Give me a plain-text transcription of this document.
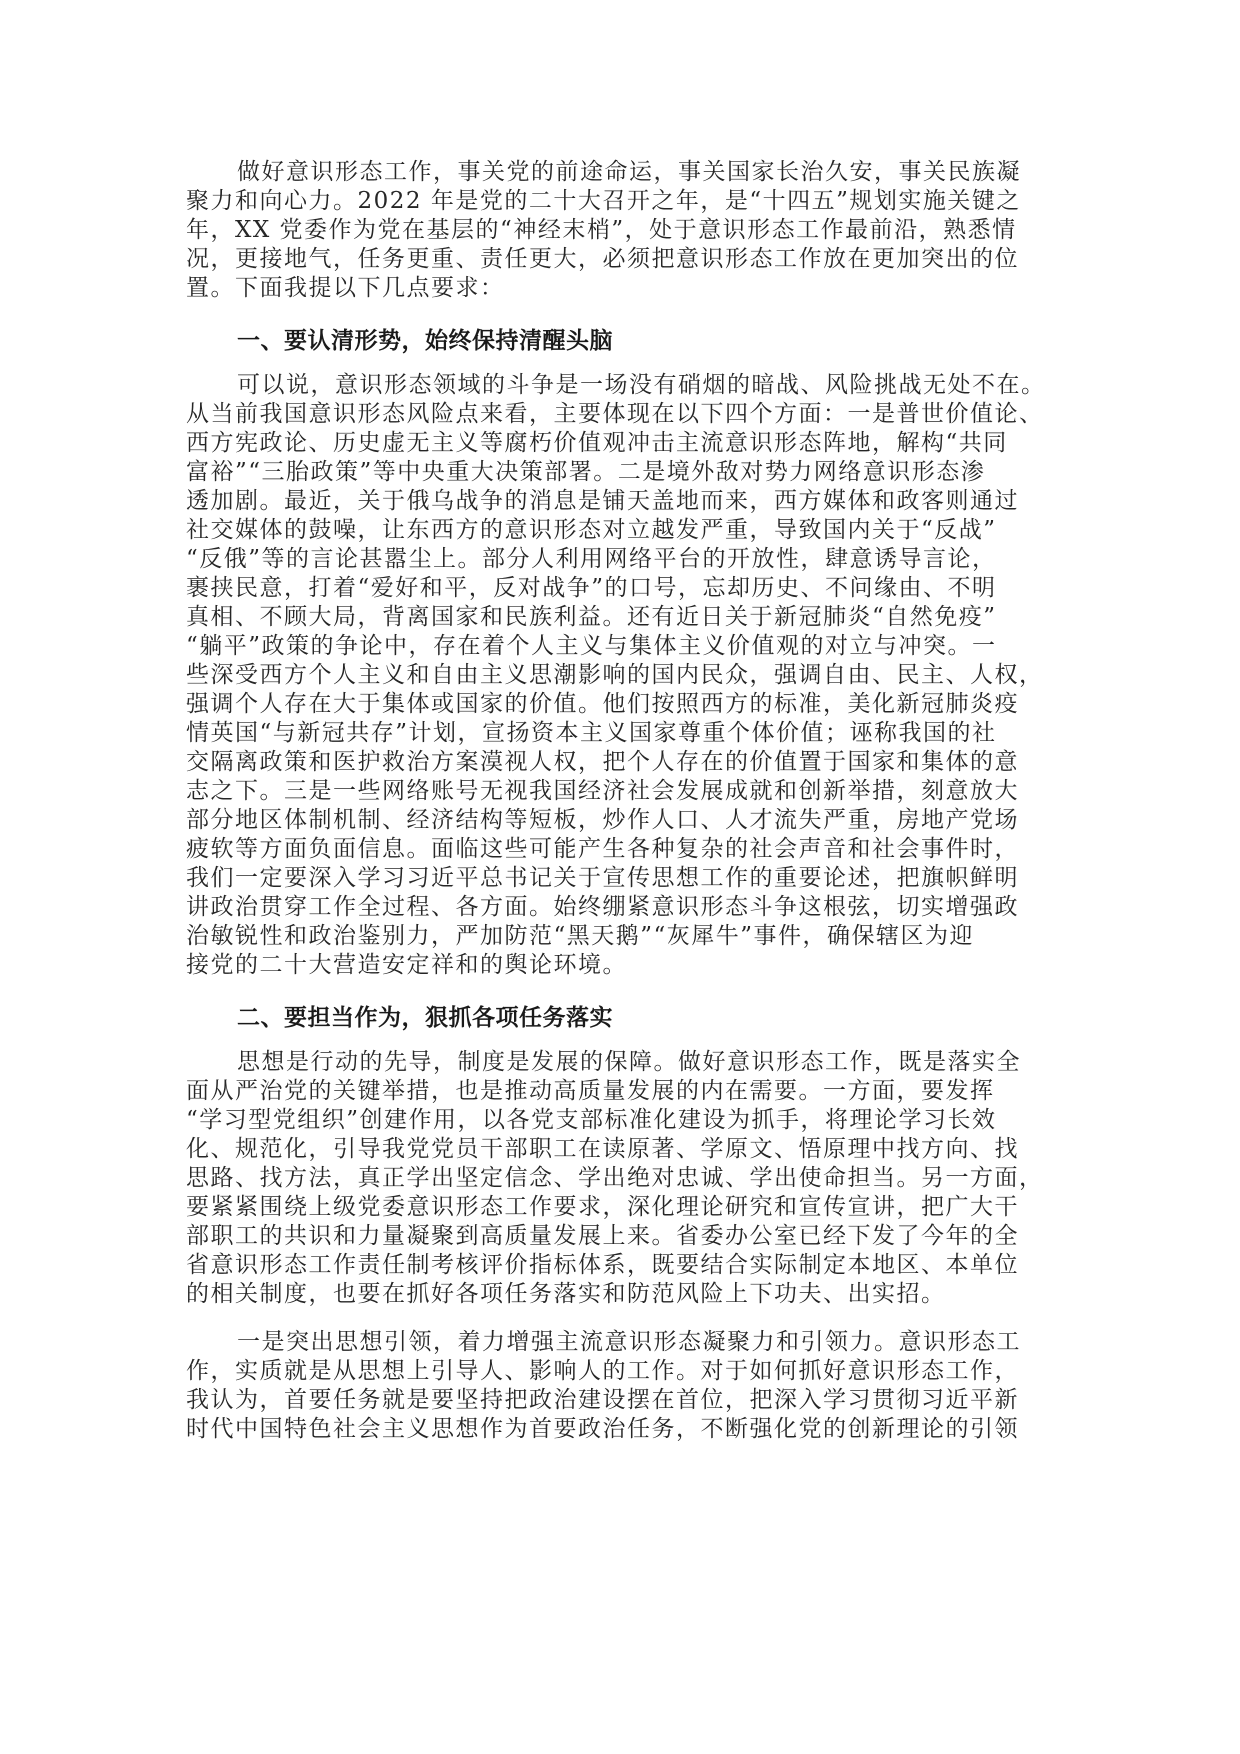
做好意识形态工作，事关党的前途命运，事关国家长治久安，事关民族凝
聚力和向心力。2022 年是党的二十大召开之年，是“十四五”规划实施关键之
年，XX 党委作为党在基层的“神经末梢”，处于意识形态工作最前沿，熟悉情
况，更接地气，任务更重、责任更大，必须把意识形态工作放在更加突出的位
置。下面我提以下几点要求：
一、要认清形势，始终保持清醒头脑
可以说，意识形态领域的斗争是一场没有硝烟的暗战、风险挑战无处不在。
从当前我国意识形态风险点来看，主要体现在以下四个方面：一是普世价值论、
西方宪政论、历史虚无主义等腐朽价值观冲击主流意识形态阵地，解构“共同
富裕”“三胎政策”等中央重大决策部署。二是境外敌对势力网络意识形态渗
透加剧。最近，关于俄乌战争的消息是铺天盖地而来，西方媒体和政客则通过
社交媒体的鼓噪，让东西方的意识形态对立越发严重，导致国内关于“反战”
“反俄”等的言论甚嚣尘上。部分人利用网络平台的开放性，肆意诱导言论，
裹挟民意，打着“爱好和平，反对战争”的口号，忘却历史、不问缘由、不明
真相、不顾大局，背离国家和民族利益。还有近日关于新冠肺炎“自然免疫”
“躺平”政策的争论中，存在着个人主义与集体主义价值观的对立与冲突。一
些深受西方个人主义和自由主义思潮影响的国内民众，强调自由、民主、人权，
强调个人存在大于集体或国家的价值。他们按照西方的标准，美化新冠肺炎疫
情英国“与新冠共存”计划，宣扬资本主义国家尊重个体价值；诬称我国的社
交隔离政策和医护救治方案漠视人权，把个人存在的价值置于国家和集体的意
志之下。三是一些网络账号无视我国经济社会发展成就和创新举措，刻意放大
部分地区体制机制、经济结构等短板，炒作人口、人才流失严重，房地产党场
疲软等方面负面信息。面临这些可能产生各种复杂的社会声音和社会事件时，
我们一定要深入学习习近平总书记关于宣传思想工作的重要论述，把旗帜鲜明
讲政治贯穿工作全过程、各方面。始终绷紧意识形态斗争这根弦，切实增强政
治敏锐性和政治鉴别力，严加防范“黑天鹅”“灰犀牛”事件，确保辖区为迎
接党的二十大营造安定祥和的舆论环境。
二、要担当作为，狠抓各项任务落实
思想是行动的先导，制度是发展的保障。做好意识形态工作，既是落实全
面从严治党的关键举措，也是推动高质量发展的内在需要。一方面，要发挥
“学习型党组织”创建作用，以各党支部标准化建设为抓手，将理论学习长效
化、规范化，引导我党党员干部职工在读原著、学原文、悟原理中找方向、找
思路、找方法，真正学出坚定信念、学出绝对忠诚、学出使命担当。另一方面，
要紧紧围绕上级党委意识形态工作要求，深化理论研究和宣传宣讲，把广大干
部职工的共识和力量凝聚到高质量发展上来。省委办公室已经下发了今年的全
省意识形态工作责任制考核评价指标体系，既要结合实际制定本地区、本单位
的相关制度，也要在抓好各项任务落实和防范风险上下功夫、出实招。
一是突出思想引领，着力增强主流意识形态凝聚力和引领力。意识形态工
作，实质就是从思想上引导人、影响人的工作。对于如何抓好意识形态工作，
我认为，首要任务就是要坚持把政治建设摆在首位，把深入学习贯彻习近平新
时代中国特色社会主义思想作为首要政治任务，不断强化党的创新理论的引领
